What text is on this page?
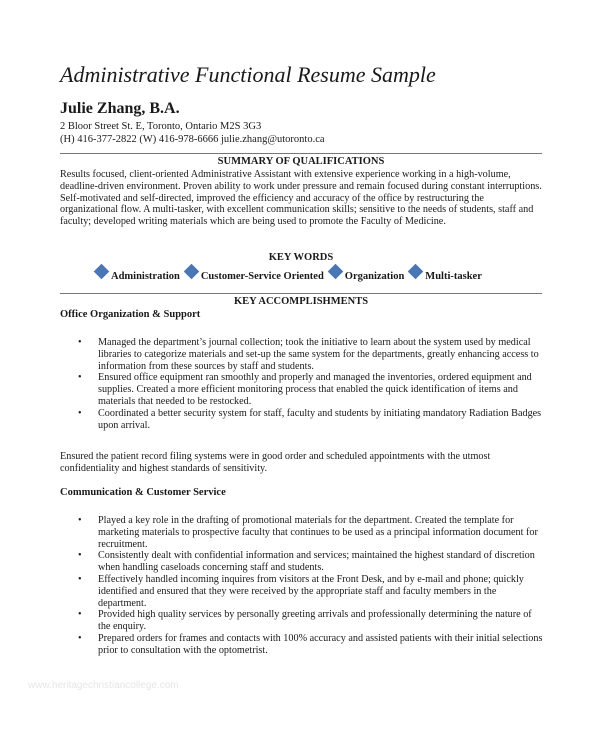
Administrative Functional Resume Sample
Julie Zhang, B.A.
2 Bloor Street St. E, Toronto, Ontario M2S 3G3
(H) 416-377-2822 (W) 416-978-6666 julie.zhang@utoronto.ca
SUMMARY OF QUALIFICATIONS
Results focused, client-oriented Administrative Assistant with extensive experience working in a high-volume, deadline-driven environment. Proven ability to work under pressure and remain focused during constant interruptions. Self-motivated and self-directed, improved the efficiency and accuracy of the office by restructuring the organizational flow. A multi-tasker, with excellent communication skills; sensitive to the needs of students, staff and faculty; developed writing materials which are being used to promote the Faculty of Medicine.
KEY WORDS
Administration Customer-Service Oriented Organization Multi-tasker
KEY ACCOMPLISHMENTS
Office Organization & Support
• Managed the department’s journal collection; took the initiative to learn about the system used by medical libraries to categorize materials and set-up the same system for the departments, greatly enhancing access to information from these sources by staff and students.
• Ensured office equipment ran smoothly and properly and managed the inventories, ordered equipment and supplies. Created a more efficient monitoring process that enabled the quick identification of items and materials that needed to be restocked.
• Coordinated a better security system for staff, faculty and students by initiating mandatory Radiation Badges upon arrival.
Ensured the patient record filing systems were in good order and scheduled appointments with the utmost confidentiality and highest standards of sensitivity.
Communication & Customer Service
• Played a key role in the drafting of promotional materials for the department. Created the template for marketing materials to prospective faculty that continues to be used as a principal information document for recruitment.
• Consistently dealt with confidential information and services; maintained the highest standard of discretion when handling caseloads concerning staff and students.
• Effectively handled incoming inquires from visitors at the Front Desk, and by e-mail and phone; quickly identified and ensured that they were received by the appropriate staff and faculty members in the department.
• Provided high quality services by personally greeting arrivals and professionally determining the nature of the enquiry.
• Prepared orders for frames and contacts with 100% accuracy and assisted patients with their initial selections prior to consultation with the optometrist.
www.heritagechristiancollege.com
